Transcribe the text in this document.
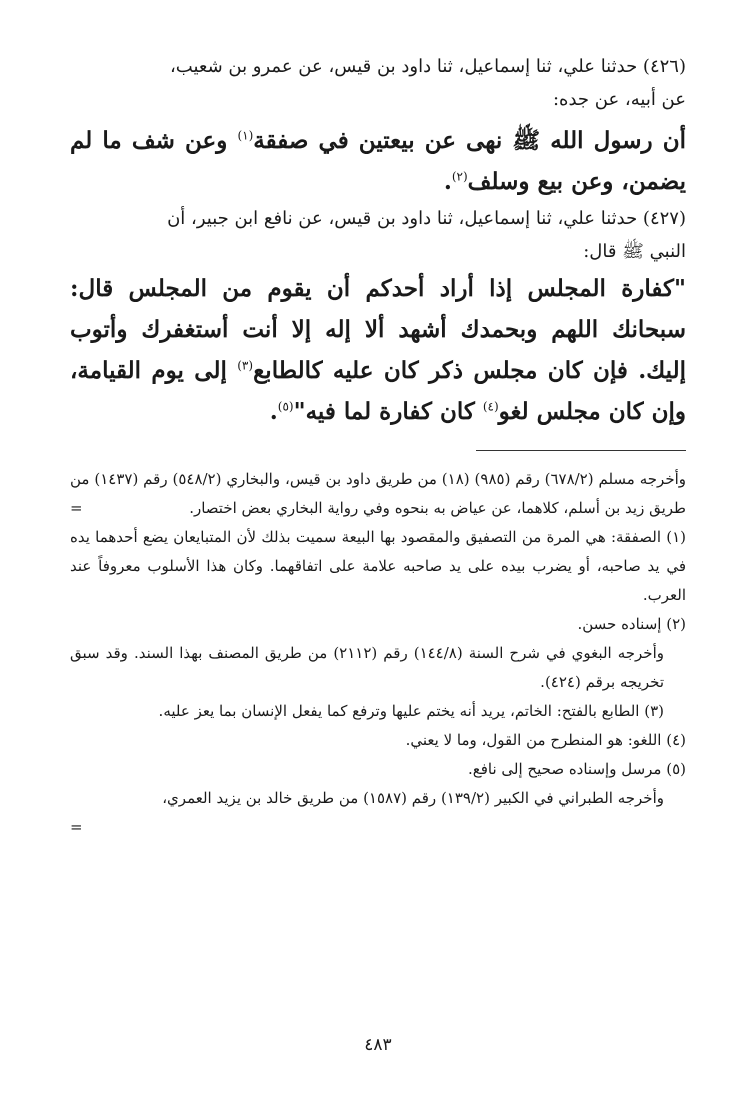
(٤٢٦) حدثنا علي، ثنا إسماعيل، ثنا داود بن قيس، عن عمرو بن شعيب،
عن أبيه، عن جده:

أن رسول الله ﷺ نهى عن بيعتين في صفقة$^{(١)}$ وعن شف ما لم يضمن، وعن بيع وسلف$^{(٢)}$.

(٤٢٧) حدثنا علي، ثنا إسماعيل، ثنا داود بن قيس، عن نافع ابن جبير، أن
النبي ﷺ قال:

"كفارة المجلس إذا أراد أحدكم أن يقوم من المجلس قال: سبحانك اللهم وبحمدك أشهد ألا إله إلا أنت أستغفرك وأتوب إليك. فإن كان مجلس ذكر كان عليه كالطابع$^{(٣)}$ إلى يوم القيامة، وإن كان مجلس لغو$^{(٤)}$ كان كفارة لما فيه"$^{(٥)}$.

وأخرجه مسلم (٦٧٨/٢) رقم (٩٨٥) (١٨) من طريق داود بن قيس، والبخاري (٥٤٨/٢) رقم (١٤٣٧) من طريق زيد بن أسلم، كلاهما، عن عياض به بنحوه وفي رواية البخاري بعض اختصار.
=

(١) الصفقة: هي المرة من التصفيق والمقصود بها البيعة سميت بذلك لأن المتبايعان يضع أحدهما يده في يد صاحبه، أو يضرب بيده على يد صاحبه علامة على اتفاقهما. وكان هذا الأسلوب معروفاً عند العرب.

(٢) إسناده حسن.

وأخرجه البغوي في شرح السنة (١٤٤/٨) رقم (٢١١٢) من طريق المصنف بهذا السند. وقد سبق تخريجه برقم (٤٢٤).

(٣) الطابع بالفتح: الخاتم، يريد أنه يختم عليها وترفع كما يفعل الإنسان بما يعز عليه.

(٤) اللغو: هو المنطرح من القول، وما لا يعني.

(٥) مرسل وإسناده صحيح إلى نافع.

وأخرجه الطبراني في الكبير (١٣٩/٢) رقم (١٥٨٧) من طريق خالد بن يزيد العمري،

=

٤٨٣
